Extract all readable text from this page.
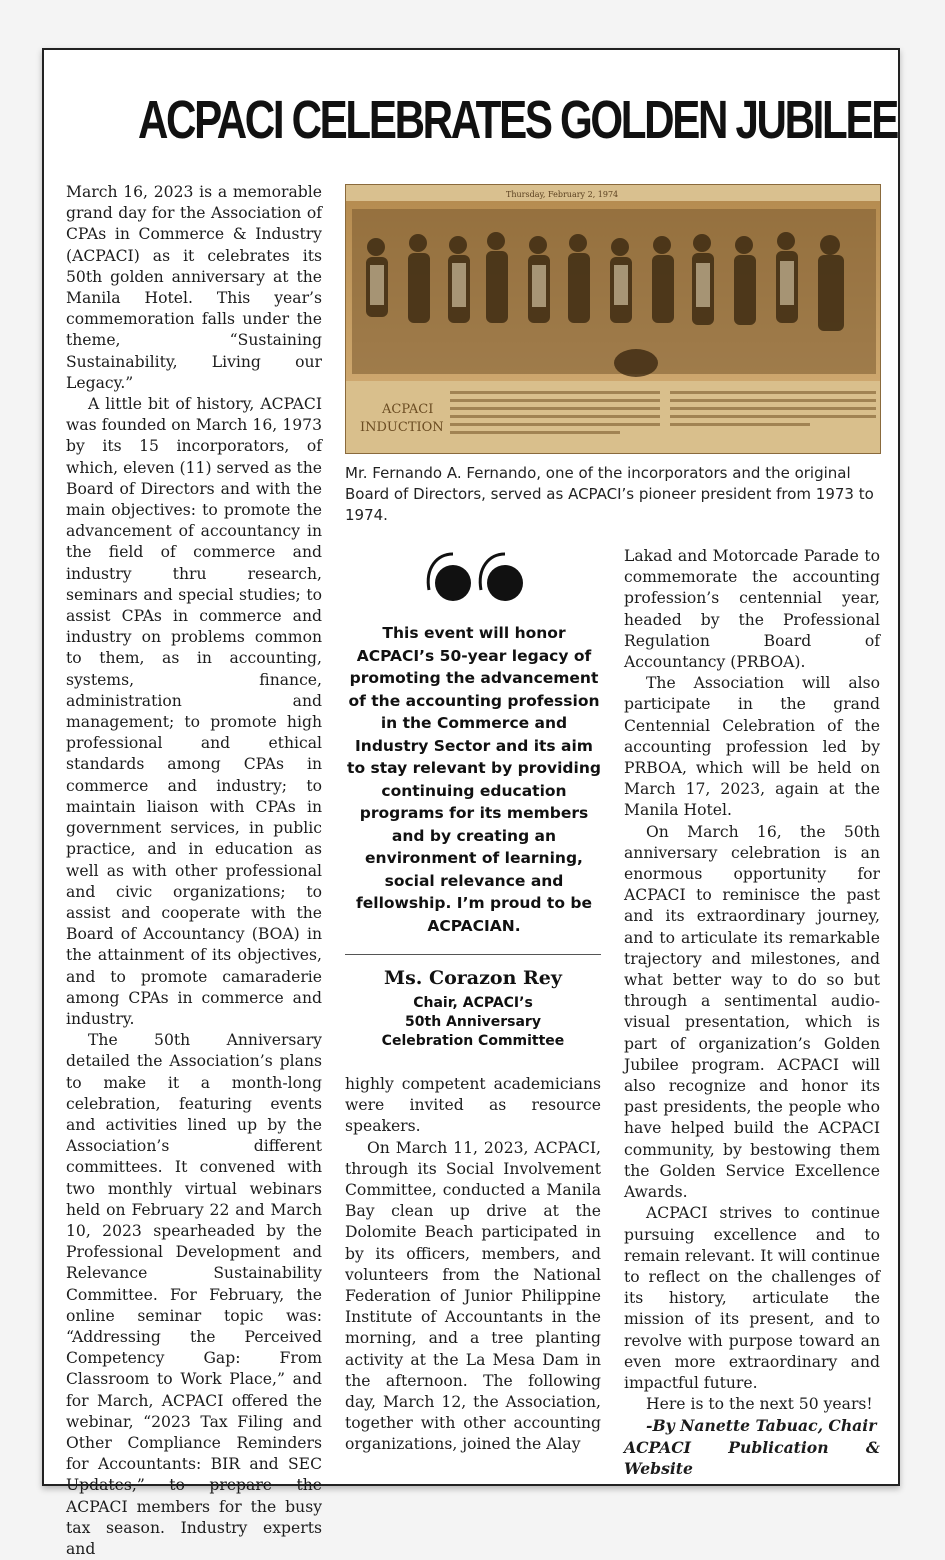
ACPACI CELEBRATES GOLDEN JUBILEE

March 16, 2023 is a memorable grand day for the Association of CPAs in Commerce & Industry (ACPACI) as it celebrates its 50th golden anniversary at the Manila Hotel. This year’s commemoration falls under the theme, “Sustaining Sustainability, Living our Legacy.”

A little bit of history, ACPACI was founded on March 16, 1973 by its 15 incorporators, of which, eleven (11) served as the Board of Directors and with the main objectives: to promote the advancement of accountancy in the field of commerce and industry thru research, seminars and special studies; to assist CPAs in commerce and industry on problems common to them, as in accounting, systems, finance, administration and management; to promote high professional and ethical standards among CPAs in commerce and industry; to maintain liaison with CPAs in government services, in public practice, and in education as well as with other professional and civic organizations; to assist and cooperate with the Board of Accountancy (BOA) in the attainment of its objectives, and to promote camaraderie among CPAs in commerce and industry.

The 50th Anniversary detailed the Association’s plans to make it a month-long celebration, featuring events and activities lined up by the Association’s different committees. It convened with two monthly virtual webinars held on February 22 and March 10, 2023 spearheaded by the Professional Development and Relevance Sustainability Committee. For February, the online seminar topic was: “Addressing the Perceived Competency Gap: From Classroom to Work Place,” and for March, ACPACI offered the webinar, “2023 Tax Filing and Other Compliance Reminders for Accountants: BIR and SEC Updates,” to prepare the ACPACI members for the busy tax season. Industry experts and

Thursday, February 2, 1974
ACPACI
INDUCTION
Mr. Fernando A. Fernando, one of the incorporators and the original Board of Directors, served as ACPACI’s pioneer president from 1973 to 1974.
This event will honor ACPACI’s 50-year legacy of promoting the advancement of the accounting profession in the Commerce and Industry Sector and its aim to stay relevant by providing continuing education programs for its members and by creating an environment of learning, social relevance and fellowship. I’m proud to be ACPACIAN.
Ms. Corazon Rey
Chair, ACPACI’s
50th Anniversary
Celebration Committee

highly competent academicians were invited as resource speakers.

On March 11, 2023, ACPACI, through its Social Involvement Committee, conducted a Manila Bay clean up drive at the Dolomite Beach participated in by its officers, members, and volunteers from the National Federation of Junior Philippine Institute of Accountants in the morning, and a tree planting activity at the La Mesa Dam in the afternoon. The following day, March 12, the Association, together with other accounting organizations, joined the Alay

Lakad and Motorcade Parade to commemorate the accounting profession’s centennial year, headed by the Professional Regulation Board of Accountancy (PRBOA).

The Association will also participate in the grand Centennial Celebration of the accounting profession led by PRBOA, which will be held on March 17, 2023, again at the Manila Hotel.

On March 16, the 50th anniversary celebration is an enormous opportunity for ACPACI to reminisce the past and its extraordinary journey, and to articulate its remarkable trajectory and milestones, and what better way to do so but through a sentimental audio-visual presentation, which is part of organization’s Golden Jubilee program. ACPACI will also recognize and honor its past presidents, the people who have helped build the ACPACI community, by bestowing them the Golden Service Excellence Awards.

ACPACI strives to continue pursuing excellence and to remain relevant. It will continue to reflect on the challenges of its history, articulate the mission of its present, and to revolve with purpose toward an even more extraordinary and impactful future.

Here is to the next 50 years!

-By Nanette Tabuac, Chair

ACPACI Publication & Website
